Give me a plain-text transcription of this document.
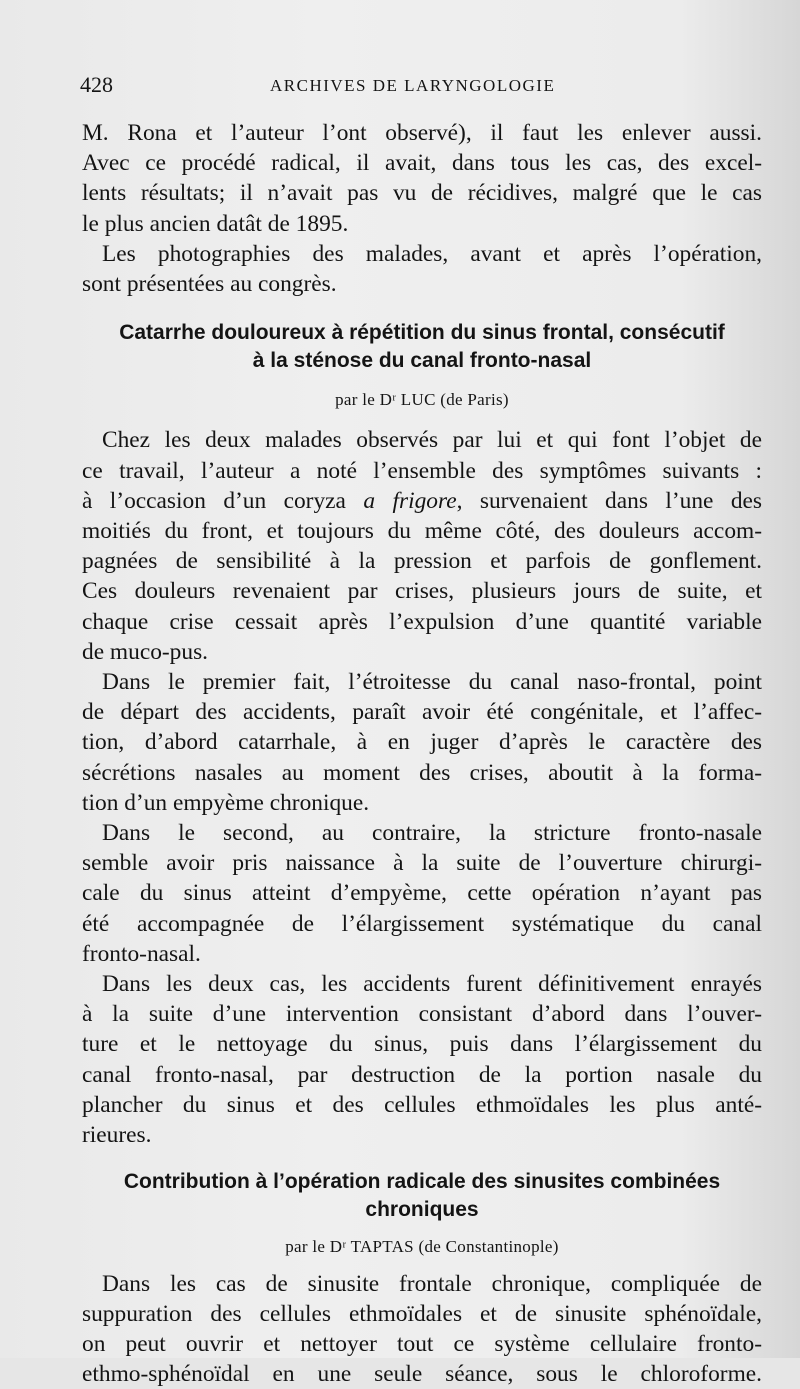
428	ARCHIVES DE LARYNGOLOGIE
M. Rona et l’auteur l’ont observé), il faut les enlever aussi.
Avec ce procédé radical, il avait, dans tous les cas, des excel-
lents résultats; il n’avait pas vu de récidives, malgré que le cas
le plus ancien datât de 1895.
Les photographies des malades, avant et après l’opération,
sont présentées au congrès.
Catarrhe douloureux à répétition du sinus frontal, consécutif
à la sténose du canal fronto-nasal
par le Dʳ LUC (de Paris)
Chez les deux malades observés par lui et qui font l’objet de
ce travail, l’auteur a noté l’ensemble des symptômes suivants :
à l’occasion d’un coryza a frigore, survenaient dans l’une des
moitiés du front, et toujours du même côté, des douleurs accom-
pagnées de sensibilité à la pression et parfois de gonflement.
Ces douleurs revenaient par crises, plusieurs jours de suite, et
chaque crise cessait après l’expulsion d’une quantité variable
de muco-pus.
Dans le premier fait, l’étroitesse du canal naso-frontal, point
de départ des accidents, paraît avoir été congénitale, et l’affec-
tion, d’abord catarrhale, à en juger d’après le caractère des
sécrétions nasales au moment des crises, aboutit à la forma-
tion d’un empyème chronique.
Dans le second, au contraire, la stricture fronto-nasale
semble avoir pris naissance à la suite de l’ouverture chirurgi-
cale du sinus atteint d’empyème, cette opération n’ayant pas
été accompagnée de l’élargissement systématique du canal
fronto-nasal.
Dans les deux cas, les accidents furent définitivement enrayés
à la suite d’une intervention consistant d’abord dans l’ouver-
ture et le nettoyage du sinus, puis dans l’élargissement du
canal fronto-nasal, par destruction de la portion nasale du
plancher du sinus et des cellules ethmoïdales les plus anté-
rieures.
Contribution à l’opération radicale des sinusites combinées
chroniques
par le Dʳ TAPTAS (de Constantinople)
Dans les cas de sinusite frontale chronique, compliquée de
suppuration des cellules ethmoïdales et de sinusite sphénoïdale,
on peut ouvrir et nettoyer tout ce système cellulaire fronto-
ethmo-sphénoïdal en une seule séance, sous le chloroforme.
